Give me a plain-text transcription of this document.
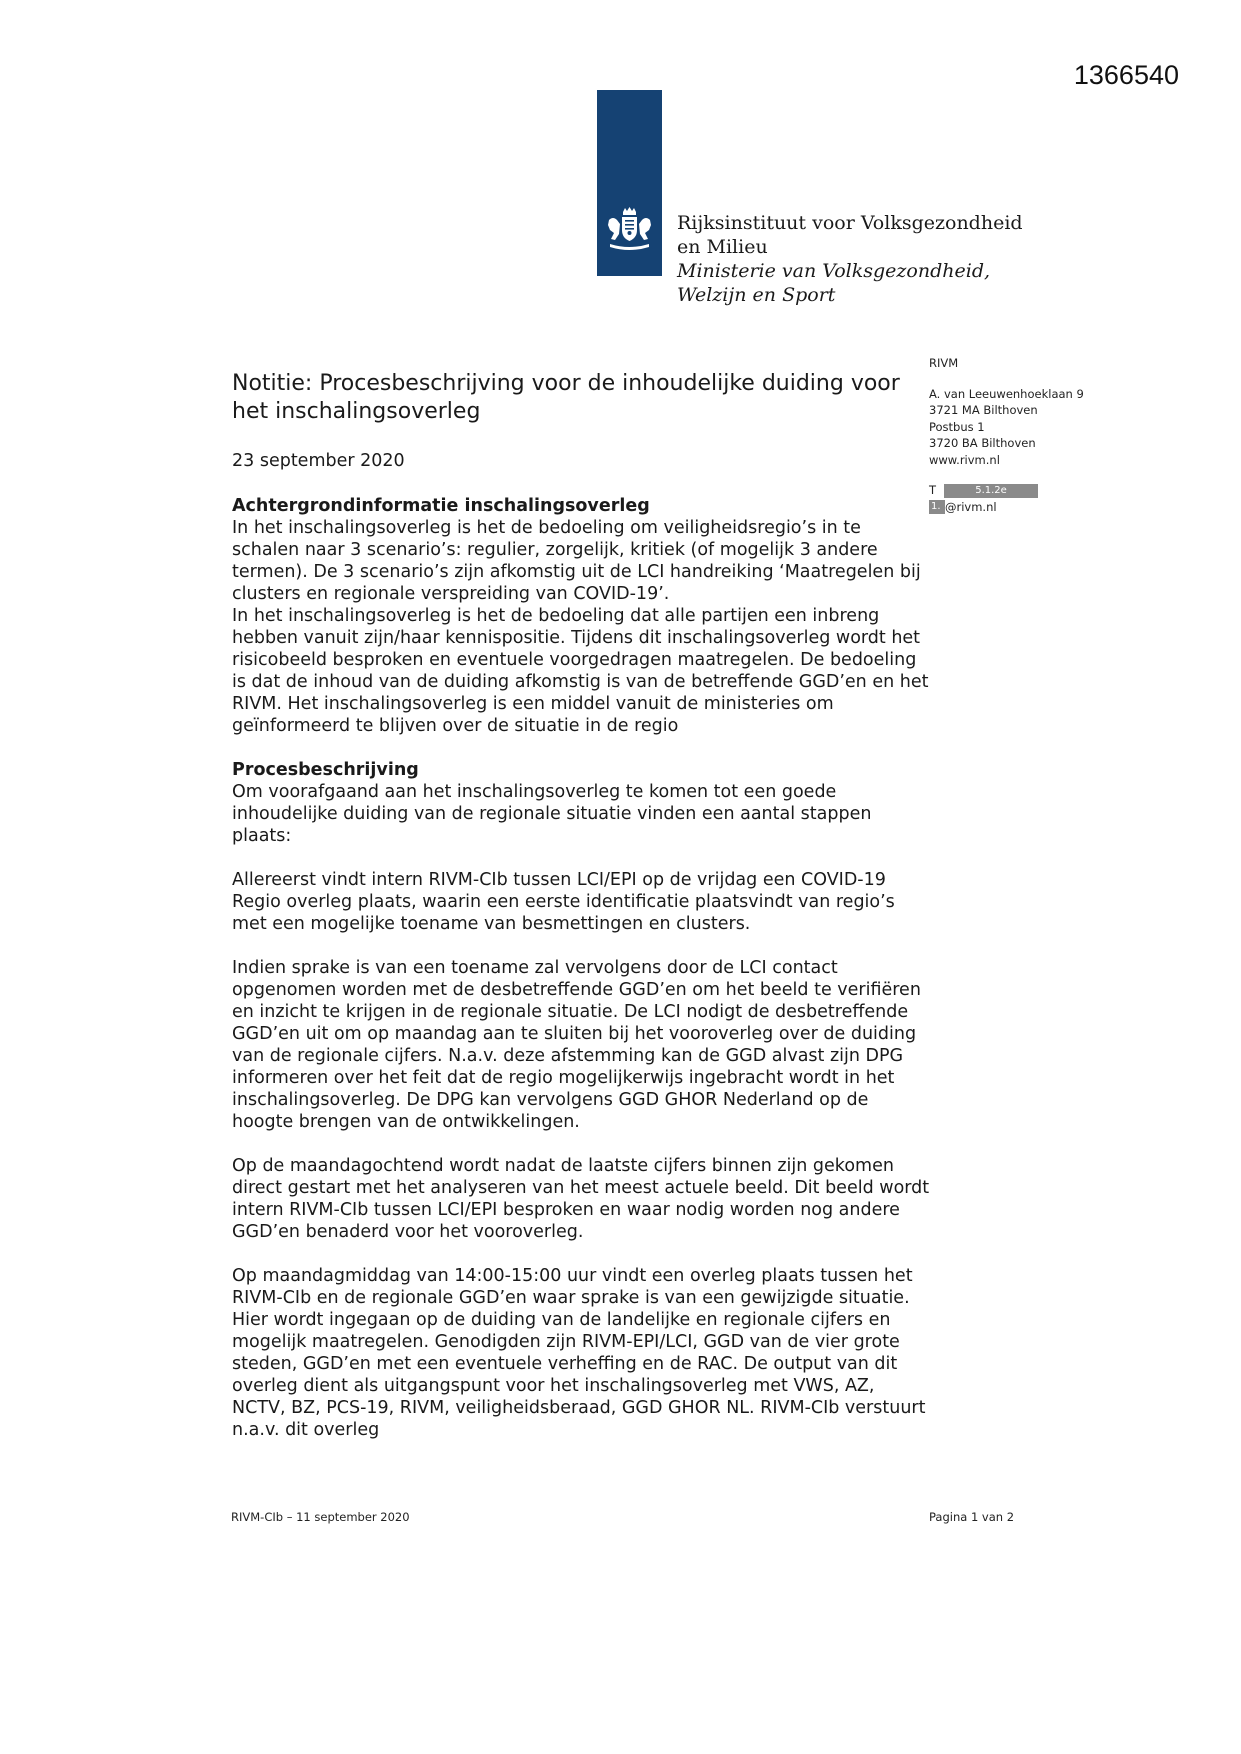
1366540
Rijksinstituut voor Volksgezondheid
en Milieu
Ministerie van Volksgezondheid,
Welzijn en Sport
RIVM
A. van Leeuwenhoeklaan 9
3721 MA Bilthoven
Postbus 1
3720 BA Bilthoven
www.rivm.nl
T	5.1.2e
1. @rivm.nl
Notitie: Procesbeschrijving voor de inhoudelijke duiding voor het inschalingsoverleg
23 september 2020
Achtergrondinformatie inschalingsoverleg

In het inschalingsoverleg is het de bedoeling om veiligheidsregio’s in te schalen naar 3 scenario’s: regulier, zorgelijk, kritiek (of mogelijk 3 andere termen). De 3 scenario’s zijn afkomstig uit de LCI handreiking ‘Maatregelen bij clusters en regionale verspreiding van COVID-19’.

In het inschalingsoverleg is het de bedoeling dat alle partijen een inbreng hebben vanuit zijn/haar kennispositie. Tijdens dit inschalingsoverleg wordt het risicobeeld besproken en eventuele voorgedragen maatregelen. De bedoeling is dat de inhoud van de duiding afkomstig is van de betreffende GGD’en en het RIVM. Het inschalingsoverleg is een middel vanuit de ministeries om geïnformeerd te blijven over de situatie in de regio

Procesbeschrijving

Om voorafgaand aan het inschalingsoverleg te komen tot een goede inhoudelijke duiding van de regionale situatie vinden een aantal stappen plaats:

Allereerst vindt intern RIVM-CIb tussen LCI/EPI op de vrijdag een COVID-19 Regio overleg plaats, waarin een eerste identificatie plaatsvindt van regio’s met een mogelijke toename van besmettingen en clusters.

Indien sprake is van een toename zal vervolgens door de LCI contact opgenomen worden met de desbetreffende GGD’en om het beeld te verifiëren en inzicht te krijgen in de regionale situatie. De LCI nodigt de desbetreffende GGD’en uit om op maandag aan te sluiten bij het vooroverleg over de duiding van de regionale cijfers. N.a.v. deze afstemming kan de GGD alvast zijn DPG informeren over het feit dat de regio mogelijkerwijs ingebracht wordt in het inschalingsoverleg. De DPG kan vervolgens GGD GHOR Nederland op de hoogte brengen van de ontwikkelingen.

Op de maandagochtend wordt nadat de laatste cijfers binnen zijn gekomen direct gestart met het analyseren van het meest actuele beeld. Dit beeld wordt intern RIVM-CIb tussen LCI/EPI besproken en waar nodig worden nog andere GGD’en benaderd voor het vooroverleg.

Op maandagmiddag van 14:00-15:00 uur vindt een overleg plaats tussen het RIVM-CIb en de regionale GGD’en waar sprake is van een gewijzigde situatie. Hier wordt ingegaan op de duiding van de landelijke en regionale cijfers en mogelijk maatregelen. Genodigden zijn RIVM-EPI/LCI, GGD van de vier grote steden, GGD’en met een eventuele verheffing en de RAC. De output van dit overleg dient als uitgangspunt voor het inschalingsoverleg met VWS, AZ, NCTV, BZ, PCS-19, RIVM, veiligheidsberaad, GGD GHOR NL. RIVM-CIb verstuurt n.a.v. dit overleg

RIVM-CIb – 11 september 2020	Pagina 1 van 2
